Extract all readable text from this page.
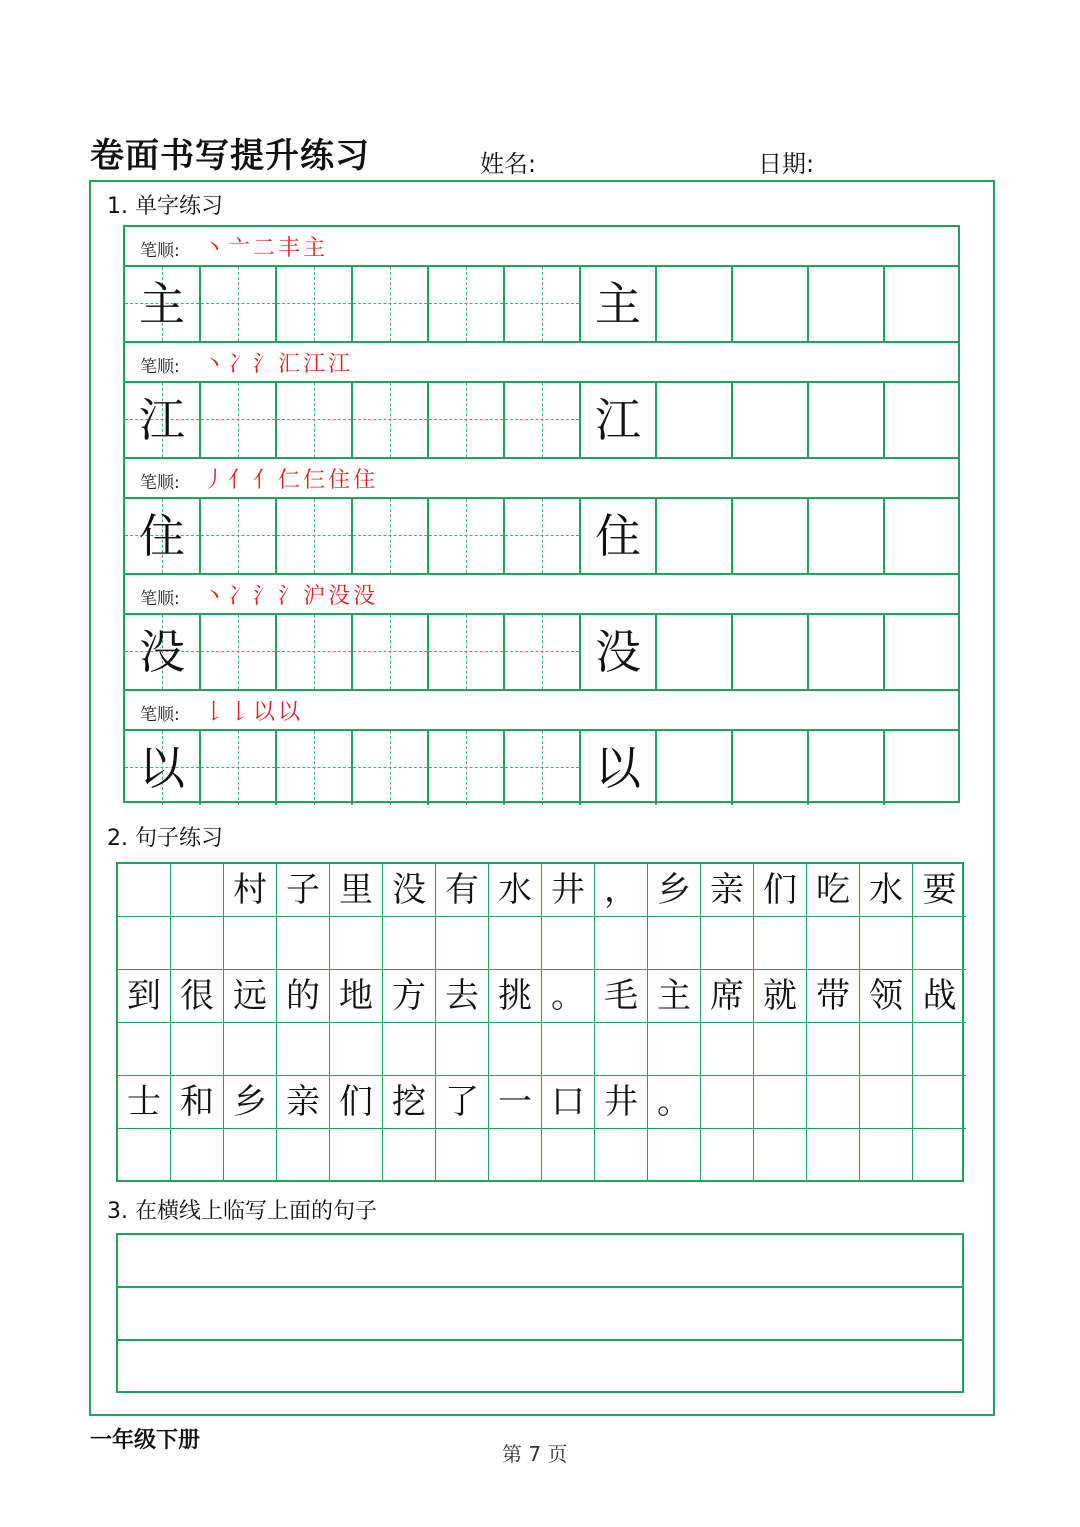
卷面书写提升练习	姓名:	日期:
1. 单字练习
笔顺: 丶亠二丰主
主	主
笔顺: 丶冫氵汇江江
江	江
笔顺: 丿亻亻仁仨住住
住	住
笔顺: 丶冫氵氵沪没没
没	没
笔顺: 𠄌𠄌以以
以	以
2. 句子练习
村 子 里 没 有 水 井 ， 乡 亲 们 吃 水 要
到 很 远 的 地 方 去 挑 。 毛 主 席 就 带 领 战
士 和 乡 亲 们 挖 了 一 口 井 。
3. 在横线上临写上面的句子
一年级下册
第 7 页
